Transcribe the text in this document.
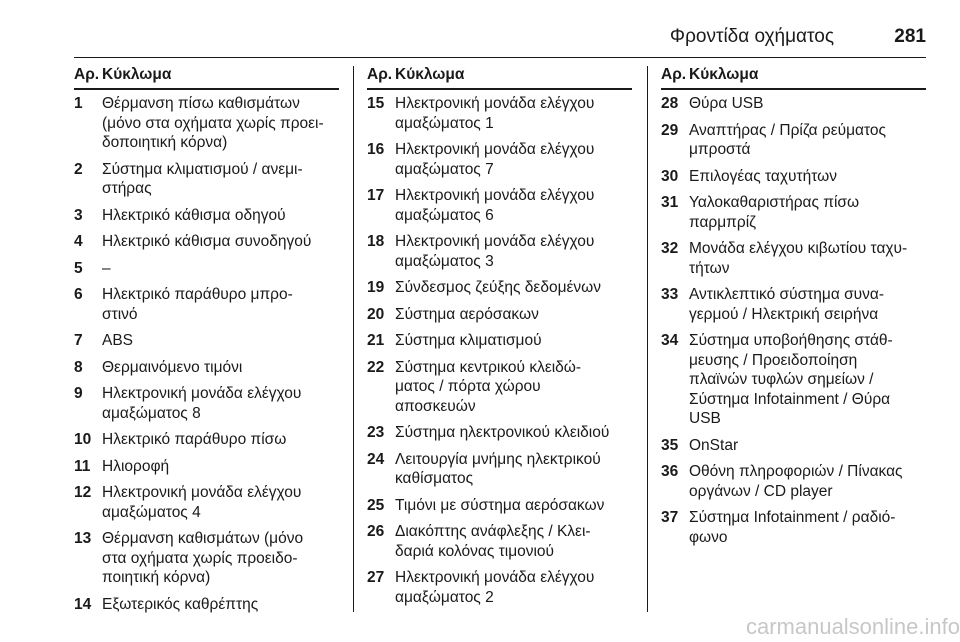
Φροντίδα οχήματος	281
Αρ. Κύκλωμα
1	Θέρμανση πίσω καθισμάτων
(μόνο στα οχήματα χωρίς προει-
δοποιητική κόρνα)
2	Σύστημα κλιματισμού / ανεμι-
στήρας
3	Ηλεκτρικό κάθισμα οδηγού
4	Ηλεκτρικό κάθισμα συνοδηγού
5	–
6	Ηλεκτρικό παράθυρο μπρο-
στινό
7	ABS
8	Θερμαινόμενο τιμόνι
9	Ηλεκτρονική μονάδα ελέγχου
αμαξώματος 8
10 Ηλεκτρικό παράθυρο πίσω
11 Ηλιοροφή
12 Ηλεκτρονική μονάδα ελέγχου
αμαξώματος 4
13 Θέρμανση καθισμάτων (μόνο
στα οχήματα χωρίς προειδο-
ποιητική κόρνα)
14 Εξωτερικός καθρέπτης
Αρ. Κύκλωμα
15 Ηλεκτρονική μονάδα ελέγχου
αμαξώματος 1
16 Ηλεκτρονική μονάδα ελέγχου
αμαξώματος 7
17 Ηλεκτρονική μονάδα ελέγχου
αμαξώματος 6
18 Ηλεκτρονική μονάδα ελέγχου
αμαξώματος 3
19 Σύνδεσμος ζεύξης δεδομένων
20 Σύστημα αερόσακων
21 Σύστημα κλιματισμού
22 Σύστημα κεντρικού κλειδώ-
ματος / πόρτα χώρου
αποσκευών
23 Σύστημα ηλεκτρονικού κλειδιού
24 Λειτουργία μνήμης ηλεκτρικού
καθίσματος
25 Τιμόνι με σύστημα αερόσακων
26 Διακόπτης ανάφλεξης / Κλει-
δαριά κολόνας τιμονιού
27 Ηλεκτρονική μονάδα ελέγχου
αμαξώματος 2
Αρ. Κύκλωμα
28 Θύρα USB
29 Αναπτήρας / Πρίζα ρεύματος
μπροστά
30 Επιλογέας ταχυτήτων
31 Υαλοκαθαριστήρας πίσω
παρμπρίζ
32 Μονάδα ελέγχου κιβωτίου ταχυ-
τήτων
33 Αντικλεπτικό σύστημα συνα-
γερμού / Ηλεκτρική σειρήνα
34 Σύστημα υποβοήθησης στάθ-
μευσης / Προειδοποίηση
πλαϊνών τυφλών σημείων /
Σύστημα Infotainment / Θύρα
USB
35 OnStar
36 Οθόνη πληροφοριών / Πίνακας
οργάνων / CD player
37 Σύστημα Infotainment / ραδιό-
φωνο
carmanualsonline.info
